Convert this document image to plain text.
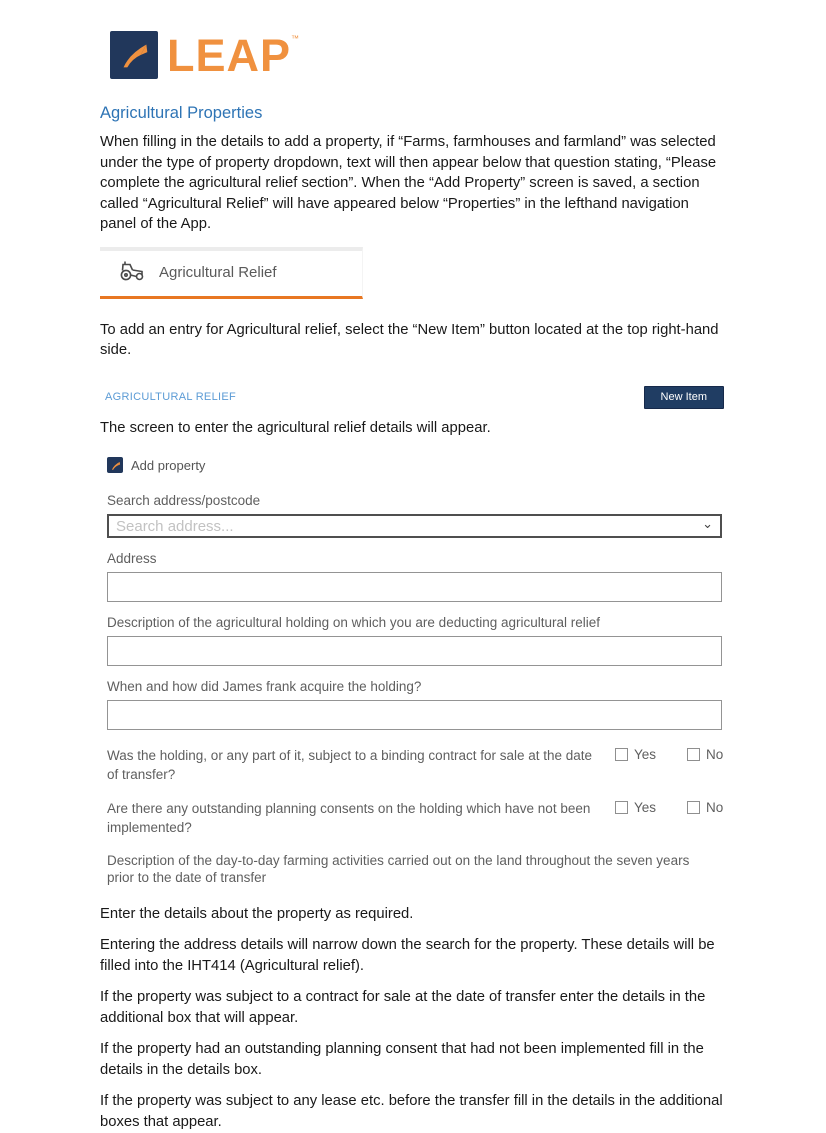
LEAP™
Agricultural Properties

When filling in the details to add a property, if “Farms, farmhouses and farmland” was selected under the type of property dropdown, text will then appear below that question stating, “Please complete the agricultural relief section”. When the “Add Property” screen is saved, a section called “Agricultural Relief” will have appeared below “Properties” in the lefthand navigation panel of the App.

Agricultural Relief

To add an entry for Agricultural relief, select the “New Item” button located at the top right-hand side.

AGRICULTURAL RELIEF	New Item

The screen to enter the agricultural relief details will appear.

Add property
Search address/postcode
Search address...
⌄
Address
Description of the agricultural holding on which you are deducting agricultural relief
When and how did James frank acquire the holding?
Was the holding, or any part of it, subject to a binding contract for sale at the date of transfer?
Yes	No
Are there any outstanding planning consents on the holding which have not been implemented?
Yes	No
Description of the day-to-day farming activities carried out on the land throughout the seven years prior to the date of transfer

Enter the details about the property as required.

Entering the address details will narrow down the search for the property. These details will be filled into the IHT414 (Agricultural relief).

If the property was subject to a contract for sale at the date of transfer enter the details in the additional box that will appear.

If the property had an outstanding planning consent that had not been implemented fill in the details in the details box.

If the property was subject to any lease etc. before the transfer fill in the details in the additional boxes that appear.
